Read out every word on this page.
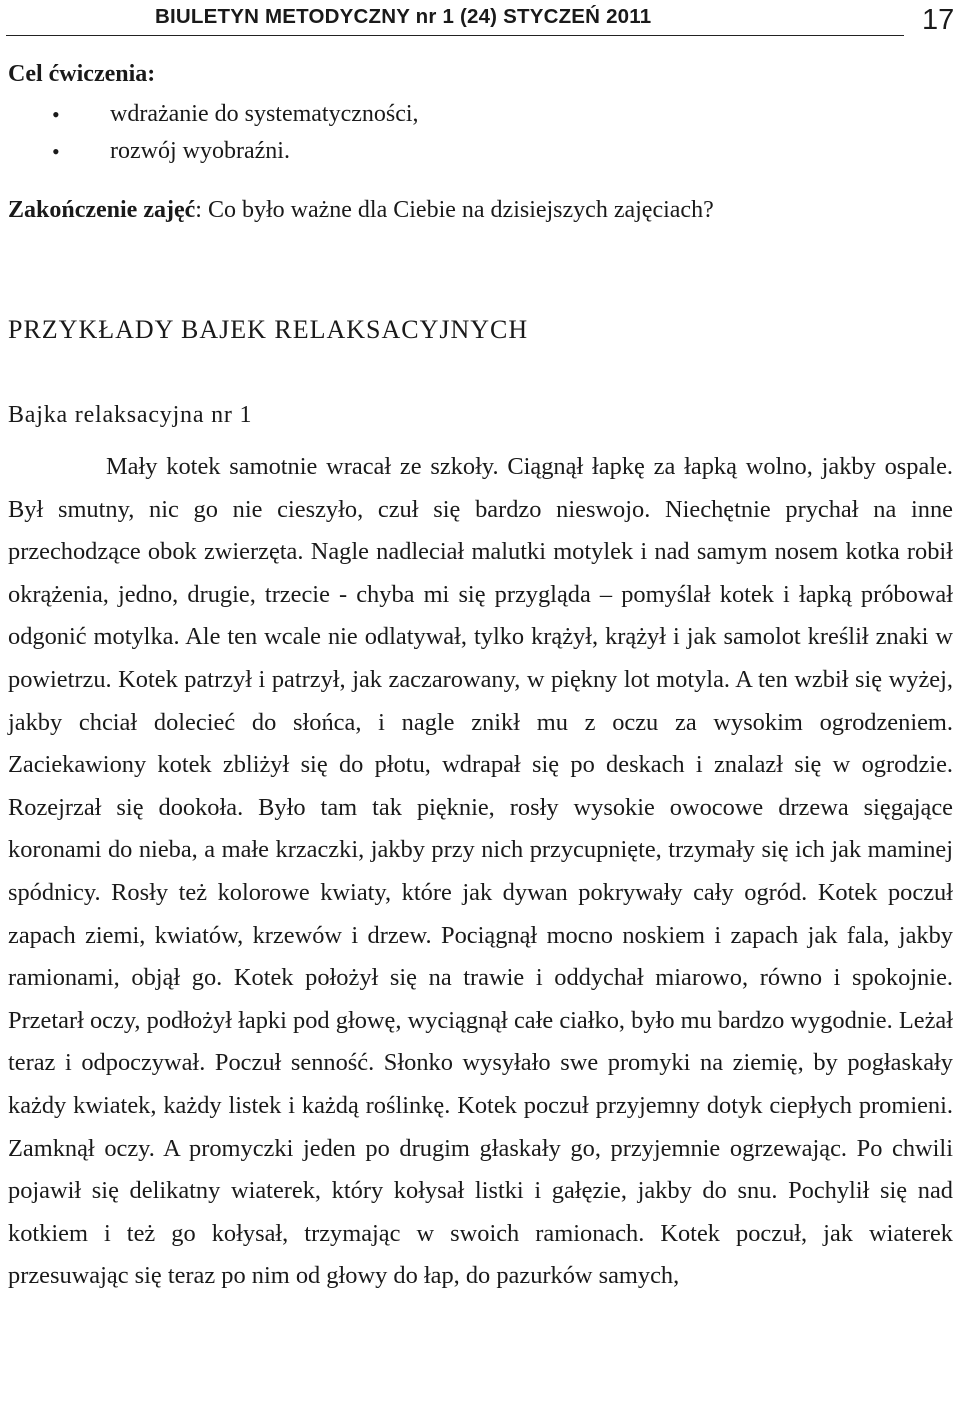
BIULETYN METODYCZNY nr 1 (24) STYCZEŃ 2011	17
Cel ćwiczenia:
• wdrażanie do systematyczności,
• rozwój wyobraźni.
Zakończenie zajęć: Co było ważne dla Ciebie na dzisiejszych zajęciach?
PRZYKŁADY BAJEK RELAKSACYJNYCH
Bajka relaksacyjna nr 1

Mały kotek samotnie wracał ze szkoły. Ciągnął łapkę za łapką wolno, jakby ospale. Był smutny, nic go nie cieszyło, czuł się bardzo nieswojo. Niechętnie prychał na inne przechodzące obok zwierzęta. Nagle nadleciał malutki motylek i nad samym nosem kotka robił okrążenia, jedno, drugie, trzecie - chyba mi się przygląda – pomyślał kotek i łapką próbował odgonić motylka. Ale ten wcale nie odlatywał, tylko krążył, krążył i jak samolot kreślił znaki w powietrzu. Kotek patrzył i patrzył, jak zaczarowany, w piękny lot motyla. A ten wzbił się wyżej, jakby chciał dolecieć do słońca, i nagle znikł mu z oczu za wysokim ogrodzeniem. Zaciekawiony kotek zbliżył się do płotu, wdrapał się po deskach i znalazł się w ogrodzie. Rozejrzał się dookoła. Było tam tak pięknie, rosły wysokie owocowe drzewa sięgające koronami do nieba, a małe krzaczki, jakby przy nich przycupnięte, trzymały się ich jak maminej spódnicy. Rosły też kolorowe kwiaty, które jak dywan pokrywały cały ogród. Kotek poczuł zapach ziemi, kwiatów, krzewów i drzew. Pociągnął mocno noskiem i zapach jak fala, jakby ramionami, objął go. Kotek położył się na trawie i oddychał miarowo, równo i spokojnie. Przetarł oczy, podłożył łapki pod głowę, wyciągnął całe ciałko, było mu bardzo wygodnie. Leżał teraz i odpoczywał. Poczuł senność. Słonko wysyłało swe promyki na ziemię, by pogłaskały każdy kwiatek, każdy listek i każdą roślinkę. Kotek poczuł przyjemny dotyk ciepłych promieni. Zamknął oczy. A promyczki jeden po drugim głaskały go, przyjemnie ogrzewając. Po chwili pojawił się delikatny wiaterek, który kołysał listki i gałęzie, jakby do snu. Pochylił się nad kotkiem i też go kołysał, trzymając w swoich ramionach. Kotek poczuł, jak wiaterek przesuwając się teraz po nim od głowy do łap, do pazurków samych,
